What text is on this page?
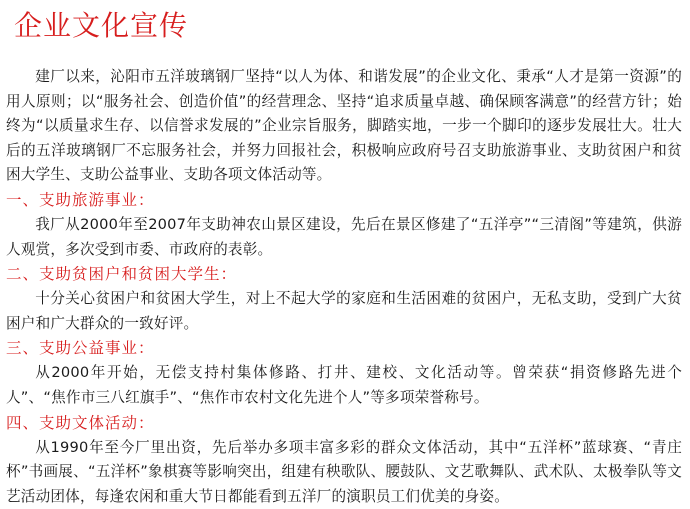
企业文化宣传

建厂以来，沁阳市五洋玻璃钢厂坚持“以人为体、和谐发展”的企业文化、秉承“人才是第一资源”的用人原则；以“服务社会、创造价值”的经营理念、坚持“追求质量卓越、确保顾客满意”的经营方针；始终为“以质量求生存、以信誉求发展的”企业宗旨服务，脚踏实地，一步一个脚印的逐步发展壮大。壮大后的五洋玻璃钢厂不忘服务社会，并努力回报社会，积极响应政府号召支助旅游事业、支助贫困户和贫困大学生、支助公益事业、支助各项文体活动等。

一、支助旅游事业：

我厂从2000年至2007年支助神农山景区建设，先后在景区修建了“五洋亭”“三清阁”等建筑，供游人观赏，多次受到市委、市政府的表彰。

二、支助贫困户和贫困大学生：

十分关心贫困户和贫困大学生，对上不起大学的家庭和生活困难的贫困户，无私支助，受到广大贫困户和广大群众的一致好评。

三、支助公益事业：

从2000年开始，无偿支持村集体修路、打井、建校、文化活动等。曾荣获“捐资修路先进个人”、“焦作市三八红旗手”、“焦作市农村文化先进个人”等多项荣誉称号。

四、支助文体活动：

从1990年至今厂里出资，先后举办多项丰富多彩的群众文体活动，其中“五洋杯”蓝球赛、“青庄杯”书画展、“五洋杯”象棋赛等影响突出，组建有秧歌队、腰鼓队、文艺歌舞队、武术队、太极拳队等文艺活动团体，每逢农闲和重大节日都能看到五洋厂的演职员工们优美的身姿。
